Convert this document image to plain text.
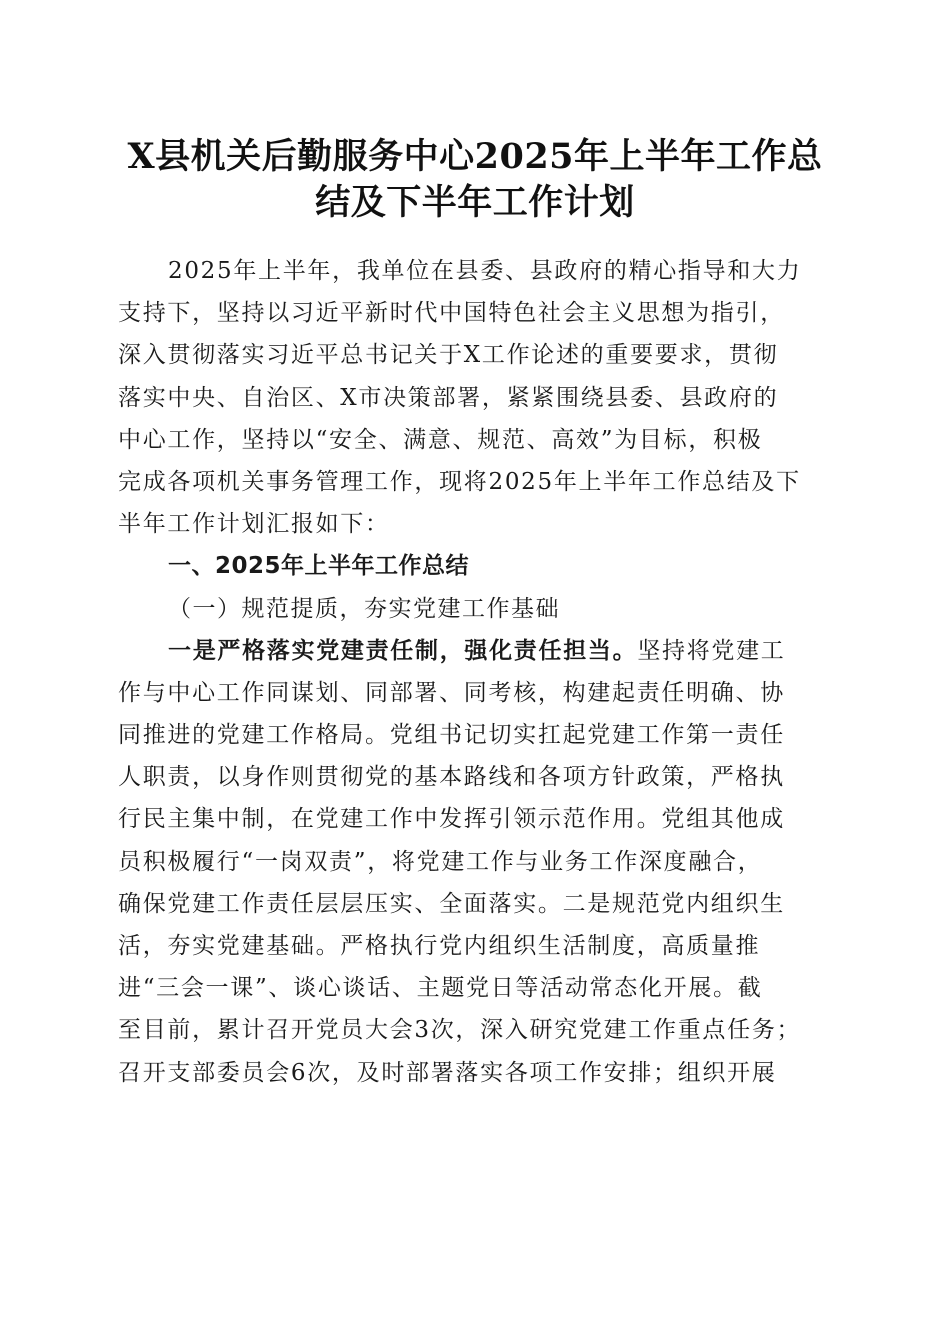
X县机关后勤服务中心2025年上半年工作总
结及下半年工作计划
2025年上半年，我单位在县委、县政府的精心指导和大力
支持下，坚持以习近平新时代中国特色社会主义思想为指引，
深入贯彻落实习近平总书记关于X工作论述的重要要求，贯彻
落实中央、自治区、X市决策部署，紧紧围绕县委、县政府的
中心工作，坚持以“安全、满意、规范、高效”为目标，积极
完成各项机关事务管理工作，现将2025年上半年工作总结及下
半年工作计划汇报如下：
一、2025年上半年工作总结
（一）规范提质，夯实党建工作基础
一是严格落实党建责任制，强化责任担当。坚持将党建工
作与中心工作同谋划、同部署、同考核，构建起责任明确、协
同推进的党建工作格局。党组书记切实扛起党建工作第一责任
人职责，以身作则贯彻党的基本路线和各项方针政策，严格执
行民主集中制，在党建工作中发挥引领示范作用。党组其他成
员积极履行“一岗双责”，将党建工作与业务工作深度融合，
确保党建工作责任层层压实、全面落实。二是规范党内组织生
活，夯实党建基础。严格执行党内组织生活制度，高质量推
进“三会一课”、谈心谈话、主题党日等活动常态化开展。截
至目前，累计召开党员大会3次，深入研究党建工作重点任务；
召开支部委员会6次，及时部署落实各项工作安排；组织开展
